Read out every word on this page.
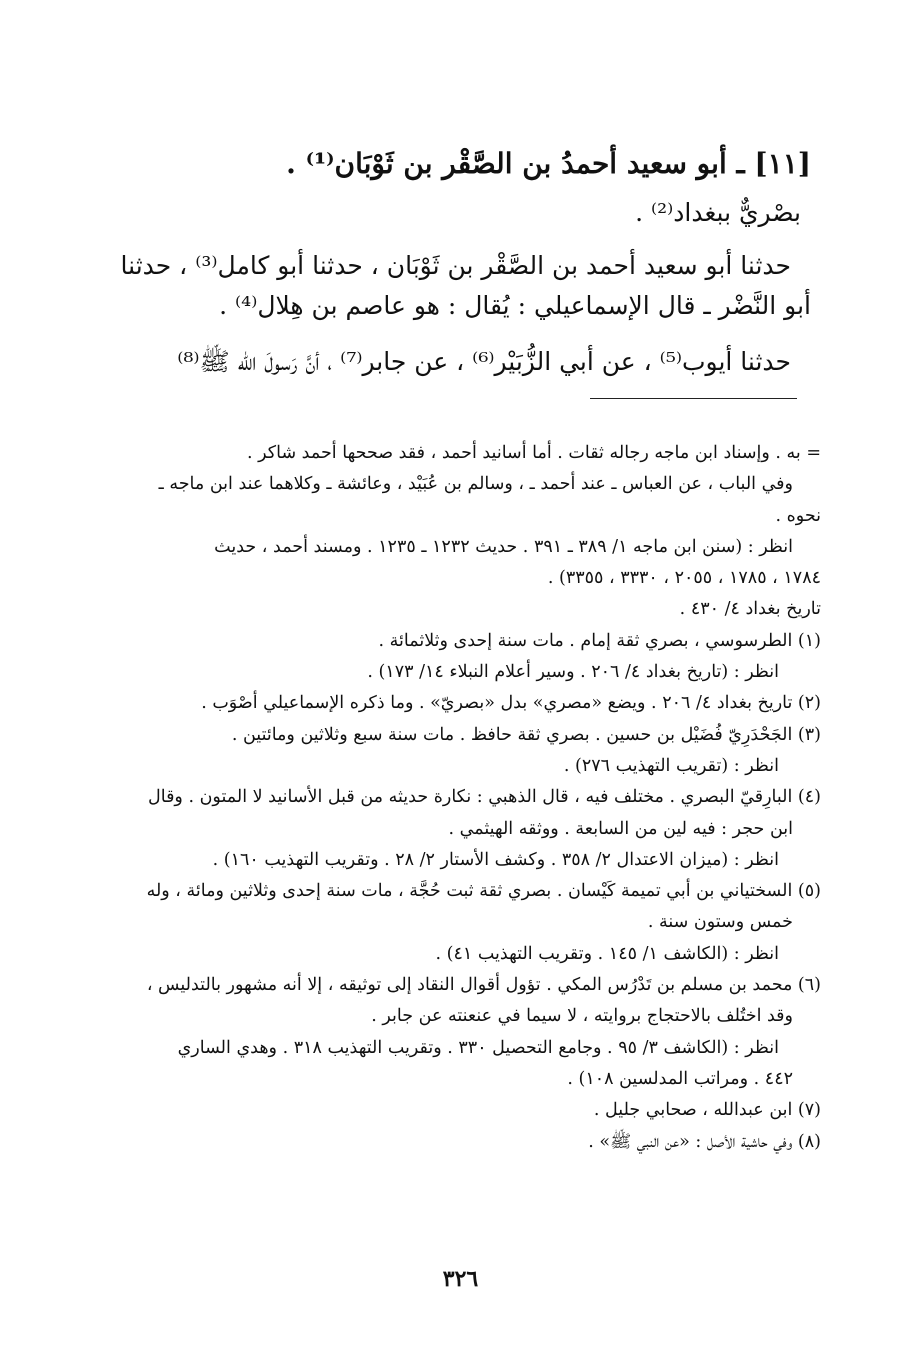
[١١] ـ أبو سعيد أحمدُ بن الصَّقْر بن ثَوْبَان⁽¹⁾ .
بصْريٌّ ببغداد⁽²⁾ .
حدثنا أبو سعيد أحمد بن الصَّقْر بن ثَوْبَان ، حدثنا أبو كامل⁽³⁾ ، حدثنا أبو النَّضْر ـ قال الإسماعيلي : يُقال : هو عاصم بن هِلال⁽⁴⁾ .
حدثنا أيوب⁽⁵⁾ ، عن أبي الزُّبَيْر⁽⁶⁾ ، عن جابر⁽⁷⁾ ، أنَّ رَسولَ الله ﷺ⁽⁸⁾
= به . وإسناد ابن ماجه رجاله ثقات . أما أسانيد أحمد ، فقد صححها أحمد شاكر .
وفي الباب ، عن العباس ـ عند أحمد ـ ، وسالم بن عُبَيْد ، وعائشة ـ وكلاهما عند ابن ماجه ـ
نحوه .
انظر : (سنن ابن ماجه ١/ ٣٨٩ ـ ٣٩١ . حديث ١٢٣٢ ـ ١٢٣٥ . ومسند أحمد ، حديث
١٧٨٤ ، ١٧٨٥ ، ٢٠٥٥ ، ٣٣٣٠ ، ٣٣٥٥) .
تاريخ بغداد ٤/ ٤٣٠ .
(١) الطرسوسي ، بصري ثقة إمام . مات سنة إحدى وثلاثمائة .
انظر : (تاريخ بغداد ٤/ ٢٠٦ . وسير أعلام النبلاء ١٤/ ١٧٣) .
(٢) تاريخ بغداد ٤/ ٢٠٦ . ويضع «مصري» بدل «بصريّ» . وما ذكره الإسماعيلي أصْوَب .
(٣) الجَحْدَرِيّ فُضَيْل بن حسين . بصري ثقة حافظ . مات سنة سبع وثلاثين ومائتين .
انظر : (تقريب التهذيب ٢٧٦) .
(٤) البارِقيّ البصري . مختلف فيه ، قال الذهبي : نكارة حديثه من قبل الأسانيد لا المتون . وقال
ابن حجر : فيه لين من السابعة . ووثقه الهيثمي .
انظر : (ميزان الاعتدال ٢/ ٣٥٨ . وكشف الأستار ٢/ ٢٨ . وتقريب التهذيب ١٦٠) .
(٥) السختياني بن أبي تميمة كَيْسان . بصري ثقة ثبت حُجَّة ، مات سنة إحدى وثلاثين ومائة ، وله
خمس وستون سنة .
انظر : (الكاشف ١/ ١٤٥ . وتقريب التهذيب ٤١) .
(٦) محمد بن مسلم بن تَدْرُس المكي . تؤول أقوال النقاد إلى توثيقه ، إلا أنه مشهور بالتدليس ،
وقد اختُلف بالاحتجاج بروايته ، لا سيما في عنعنته عن جابر .
انظر : (الكاشف ٣/ ٩٥ . وجامع التحصيل ٣٣٠ . وتقريب التهذيب ٣١٨ . وهدي الساري
٤٤٢ . ومراتب المدلسين ١٠٨) .
(٧) ابن عبدالله ، صحابي جليل .
(٨) وفي حاشية الأصل : «عن النبي ﷺ» .
٣٢٦
